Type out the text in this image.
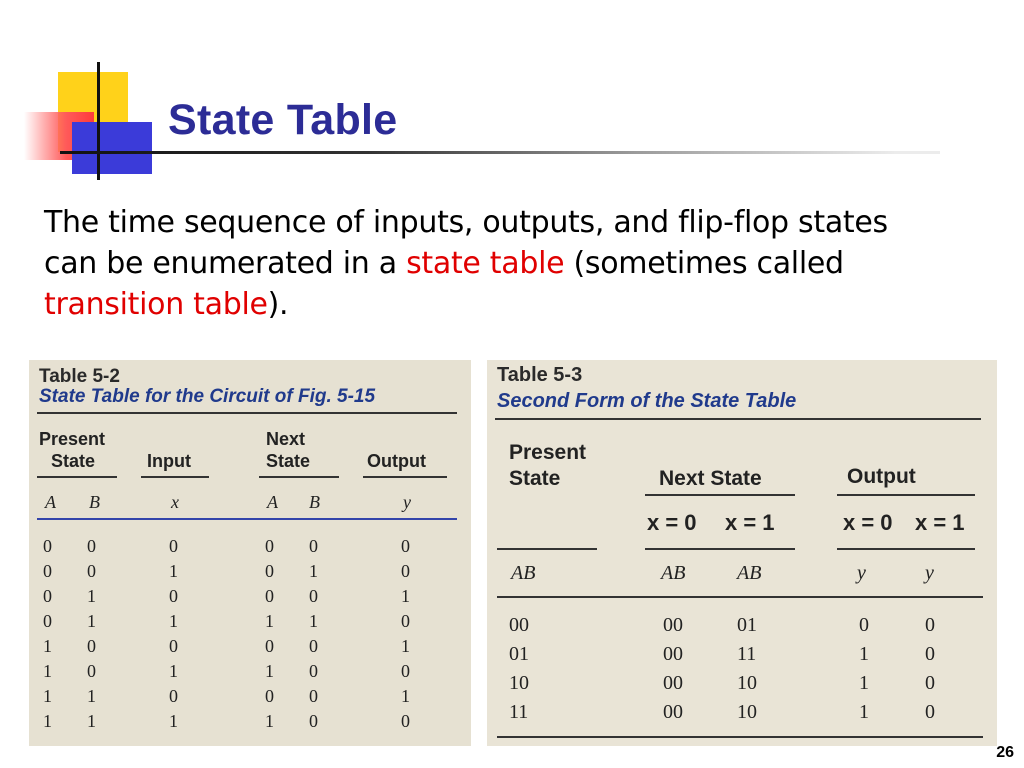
State Table
The time sequence of inputs, outputs, and flip-flop states can be enumerated in a state table (sometimes called
transition table).
Table 5-2
State Table for the Circuit of Fig. 5-15
Present
State	Input
Next
State	Output
A B	x	A B	y
0 0	0	0 0	0
0 0	1	0 1	0
0 1	0	0 0	1
0 1	1	1 1	0
1 0	0	0 0	1
1 0	1	1 0	0
1 1	0	0 0	1
1 1	1	1 0	0
Table 5-3
Second Form of the State Table
Present
State	Next State	Output
x = 0 x = 1	x = 0 x = 1
AB	AB	AB	y	y
00	00	01	0	0
01	00	11	1	0
10	00	10	1	0
11	00	10	1	0
26
